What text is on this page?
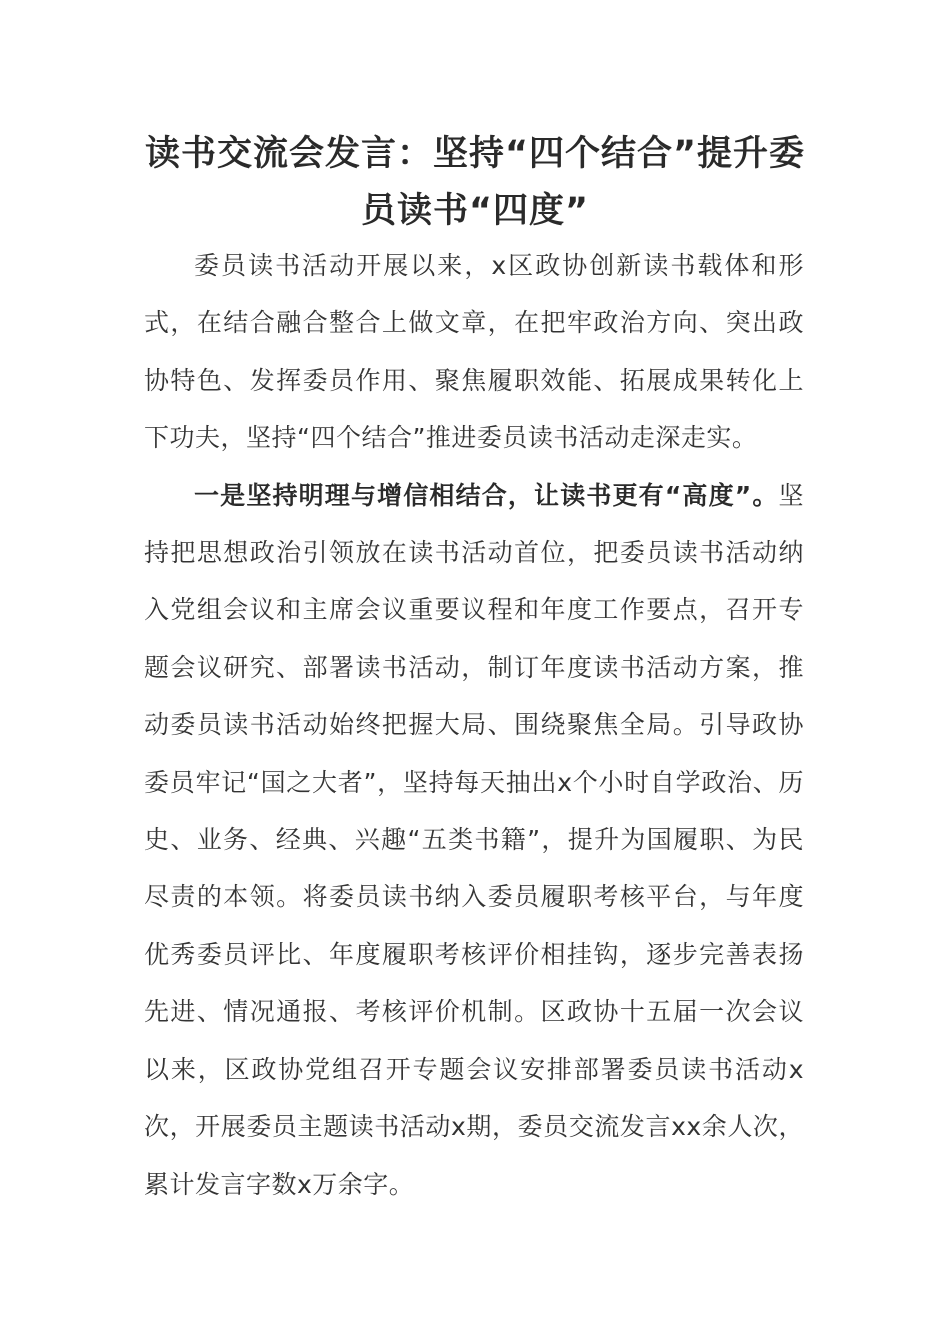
读书交流会发言：坚持“四个结合”提升委员读书“四度”

委员读书活动开展以来，x区政协创新读书载体和形式，在结合融合整合上做文章，在把牢政治方向、突出政协特色、发挥委员作用、聚焦履职效能、拓展成果转化上下功夫，坚持“四个结合”推进委员读书活动走深走实。

一是坚持明理与增信相结合，让读书更有“高度”。坚持把思想政治引领放在读书活动首位，把委员读书活动纳入党组会议和主席会议重要议程和年度工作要点，召开专题会议研究、部署读书活动，制订年度读书活动方案，推动委员读书活动始终把握大局、围绕聚焦全局。引导政协委员牢记“国之大者”，坚持每天抽出x个小时自学政治、历史、业务、经典、兴趣“五类书籍”，提升为国履职、为民尽责的本领。将委员读书纳入委员履职考核平台，与年度优秀委员评比、年度履职考核评价相挂钩，逐步完善表扬先进、情况通报、考核评价机制。区政协十五届一次会议以来，区政协党组召开专题会议安排部署委员读书活动x次，开展委员主题读书活动x期，委员交流发言xx余人次，累计发言字数x万余字。
